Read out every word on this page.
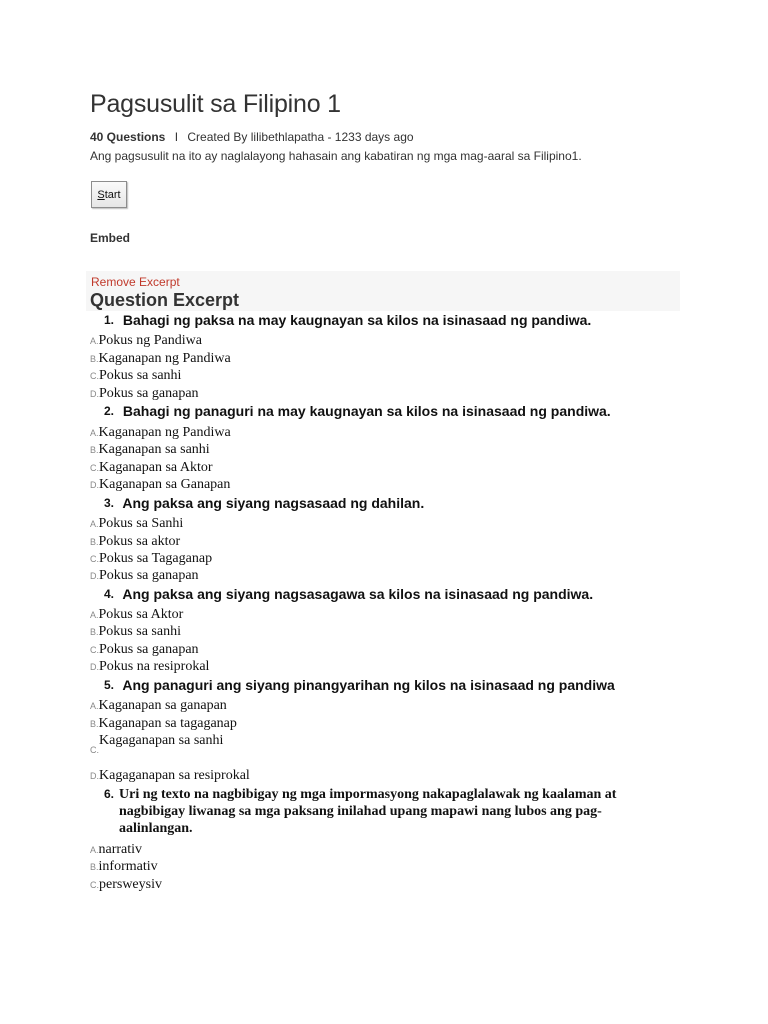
Pagsusulit sa Filipino 1
40 Questions I Created By lilibethlapatha - 1233 days ago
Ang pagsusulit na ito ay naglalayong hahasain ang kabatiran ng mga mag-aaral sa Filipino1.
Start
Embed
Remove Excerpt
Question Excerpt
1. Bahagi ng paksa na may kaugnayan sa kilos na isinasaad ng pandiwa.
A.Pokus ng Pandiwa
B.Kaganapan ng Pandiwa
C.Pokus sa sanhi
D.Pokus sa ganapan
2. Bahagi ng panaguri na may kaugnayan sa kilos na isinasaad ng pandiwa.
A.Kaganapan ng Pandiwa
B.Kaganapan sa sanhi
C.Kaganapan sa Aktor
D.Kaganapan sa Ganapan
3. Ang paksa ang siyang nagsasaad ng dahilan.
A.Pokus sa Sanhi
B.Pokus sa aktor
C.Pokus sa Tagaganap
D.Pokus sa ganapan
4. Ang paksa ang siyang nagsasagawa sa kilos na isinasaad ng pandiwa.
A.Pokus sa Aktor
B.Pokus sa sanhi
C.Pokus sa ganapan
D.Pokus na resiprokal
5. Ang panaguri ang siyang pinangyarihan ng kilos na isinasaad ng pandiwa
A.Kaganapan sa ganapan
B.Kaganapan sa tagaganap
$_{C.}$Kagaganapan sa sanhi
D.Kagaganapan sa resiprokal
6. Uri ng texto na nagbibigay ng mga impormasyong nakapaglalawak ng kaalaman at nagbibigay liwanag sa mga paksang inilahad upang mapawi nang lubos ang pag-aalinlangan.
A.narrativ
B.informativ
C.persweysiv
